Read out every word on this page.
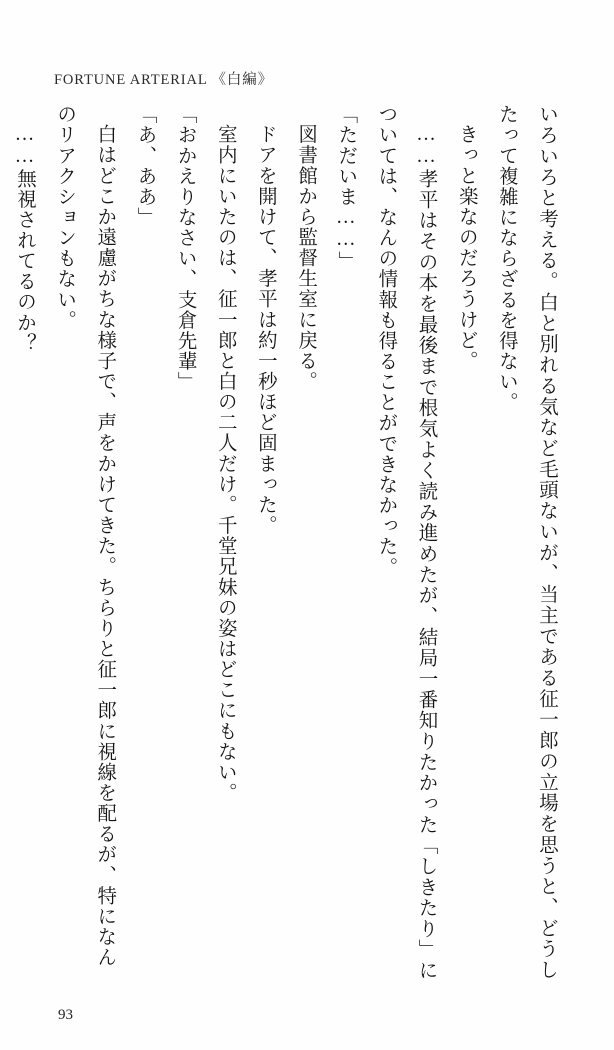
FORTUNE ARTERIAL 《白編》

いろいろと考える。白と別れる気など毛頭ないが、当主である征一郎の立場を思うと、どうしたって複雑にならざるを得ない。

きっと楽なのだろうけど。

……孝平はその本を最後まで根気よく読み進めたが、結局一番知りたかった「しきたり」については、なんの情報も得ることができなかった。

「ただいま……」

図書館から監督生室に戻る。

ドアを開けて、孝平は約一秒ほど固まった。

室内にいたのは、征一郎と白の二人だけ。千堂兄妹の姿はどこにもない。

「おかえりなさい、支倉先輩」

「あ、ああ」

白はどこか遠慮がちな様子で、声をかけてきた。ちらりと征一郎に視線を配るが、特になん

のリアクションもない。

……無視されてるのか？

93
